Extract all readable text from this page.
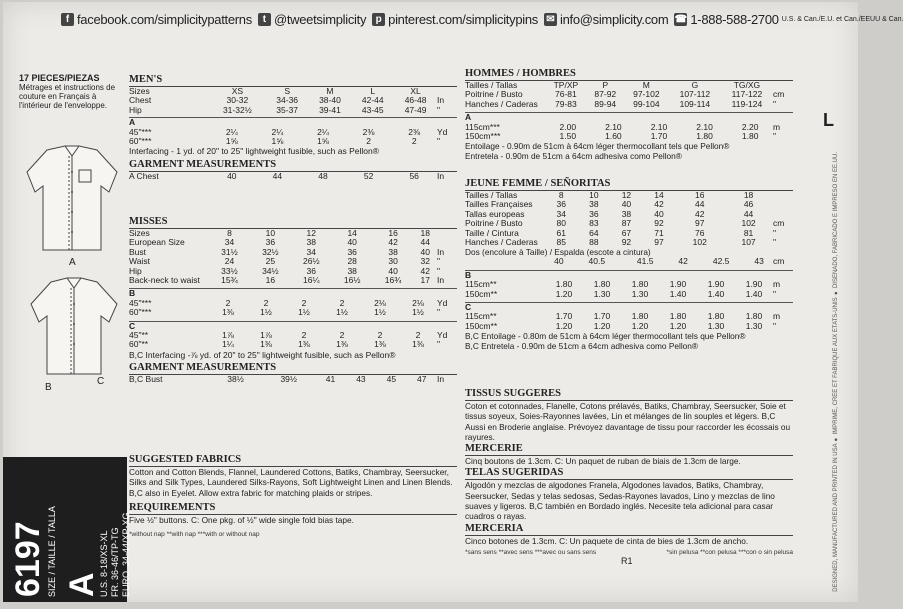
f facebook.com/simplicitypatterns	t @tweetsimplicity p pinterest.com/simplicitypins ✉ info@simplicity.com ☎ 1-888-588-2700 U.S. & Can./E.U. et Can./EEUU & Can.
17 PIECES/PIEZAS
Métrages et instructions de couture en Français à l'intérieur de l'enveloppe.
A
B
C
6197 SIZE / TAILLE / TALLA A
U.S. 8-18/XS-XL FR. 36-46/TP-TG EURO. 34-44/XP-XG
MEN'S
Sizes	XS	S	M	L	XL	
Chest	30-32	34-36	38-40	42-44	46-48	In
Hip	31-32½	35-37	39-41	43-45	47-49	"
A						
45"***	2¼	2¼	2¼	2⅜	2⅜	Yd
60"***	1⅝	1⅝	1⅝	2	2	"
Interfacing - 1 yd. of 20" to 25" lightweight fusible, such as Pellon®
GARMENT MEASUREMENTS
A Chest	40	44	48	52	56	In
MISSES
Sizes	8	10	12	14	16	18	
European Size	34	36	38	40	42	44	
Bust	31½	32½	34	36	38	40	In
Waist	24	25	26½	28	30	32	"
Hip	33½	34½	36	38	40	42	"
Back-neck to waist	15¾	16	16¼	16½	16¾	17	In
B							
45"***	2	2	2	2	2⅛	2⅛	Yd
60"***	1⅜	1½	1½	1½	1½	1½	"
C							
45"**	1⅞	1⅞	2	2	2	2	Yd
60"**	1¼	1⅜	1⅜	1⅜	1⅜	1⅜	"
B,C Interfacing -⅞ yd. of 20" to 25" lightweight fusible, such as Pellon®
GARMENT MEASUREMENTS
B,C Bust	38½	39½	41	43	45	47	In
SUGGESTED FABRICS
Cotton and Cotton Blends, Flannel, Laundered Cottons, Batiks, Chambray, Seersucker, Silks and Silk Types, Laundered Silks-Rayons, Soft Lightweight Linen and Linen Blends. B,C also in Eyelet. Allow extra fabric for matching plaids or stripes.
REQUIREMENTS
Five ½" buttons. C: One pkg. of ½" wide single fold bias tape.
*without nap **with nap ***with or without nap
HOMMES / HOMBRES
Tailles / Tallas	TP/XP	P	M	G	TG/XG	
Poitrine / Busto	76-81	87-92	97-102	107-112	117-122	cm
Hanches / Caderas	79-83	89-94	99-104	109-114	119-124	"
A						
115cm***	2.00	2.10	2.10	2.10	2.20	m
150cm***	1.50	1.60	1.70	1.80	1.80	"
Entoilage - 0.90m de 51cm à 64cm léger thermocollant tels que Pellon®
Entretela - 0.90m de 51cm a 64cm adhesiva como Pellon®
JEUNE FEMME / SEÑORITAS
Tailles / Tallas	8	10	12	14	16	18	
Tailles Françaises	36	38	40	42	44	46	
Tallas europeas	34	36	38	40	42	44	
Poitrine / Busto	80	83	87	92	97	102	cm
Taille / Cintura	61	64	67	71	76	81	"
Hanches / Caderas	85	88	92	97	102	107	"
Dos (encolure à Taille) / Espalda (escote a cintura)
	40	40.5	41.5	42	42.5	43	cm
B							
115cm**	1.80	1.80	1.80	1.90	1.90	1.90	m
150cm**	1.20	1.30	1.30	1.40	1.40	1.40	"
C							
115cm**	1.70	1.70	1.80	1.80	1.80	1.80	m
150cm**	1.20	1.20	1.20	1.20	1.30	1.30	"
B,C Entoilage - 0.80m de 51cm à 64cm léger thermocollant tels que Pellon®
B,C Entretela - 0.90m de 51cm a 64cm adhesiva como Pellon®
TISSUS SUGGERES
Coton et cotonnades, Flanelle, Cotons prélavés, Batiks, Chambray, Seersucker, Soie et tissus soyeux, Soies-Rayonnes lavées, Lin et mélanges de lin souples et légers. B,C Aussi en Broderie anglaise. Prévoyez davantage de tissu pour raccorder les écossais ou rayures.
MERCERIE
Cinq boutons de 1.3cm. C: Un paquet de ruban de biais de 1.3cm de large.
TELAS SUGERIDAS
Algodón y mezclas de algodones Franela, Algodones lavados, Batiks, Chambray, Seersucker, Sedas y telas sedosas, Sedas-Rayones lavados, Lino y mezclas de lino suaves y ligeros. B,C también en Bordado inglés. Necesite tela adicional para casar cuadros o rayas.
MERCERIA
Cinco botones de 1.3cm. C: Un paquete de cinta de bies de 1.3cm de ancho.
*sans sens **avec sens ***avec ou sans sens	*sin pelusa **con pelusa ***con o sin pelusa
R1
L
DESIGNED, MANUFACTURED AND PRINTED IN USA ● IMPRIMÉ, CRÉÉ ET FABRIQUÉ AUX ÉTATS-UNIS ● DISEÑADO, FABRICADO E IMPRESO EN EE.UU.
